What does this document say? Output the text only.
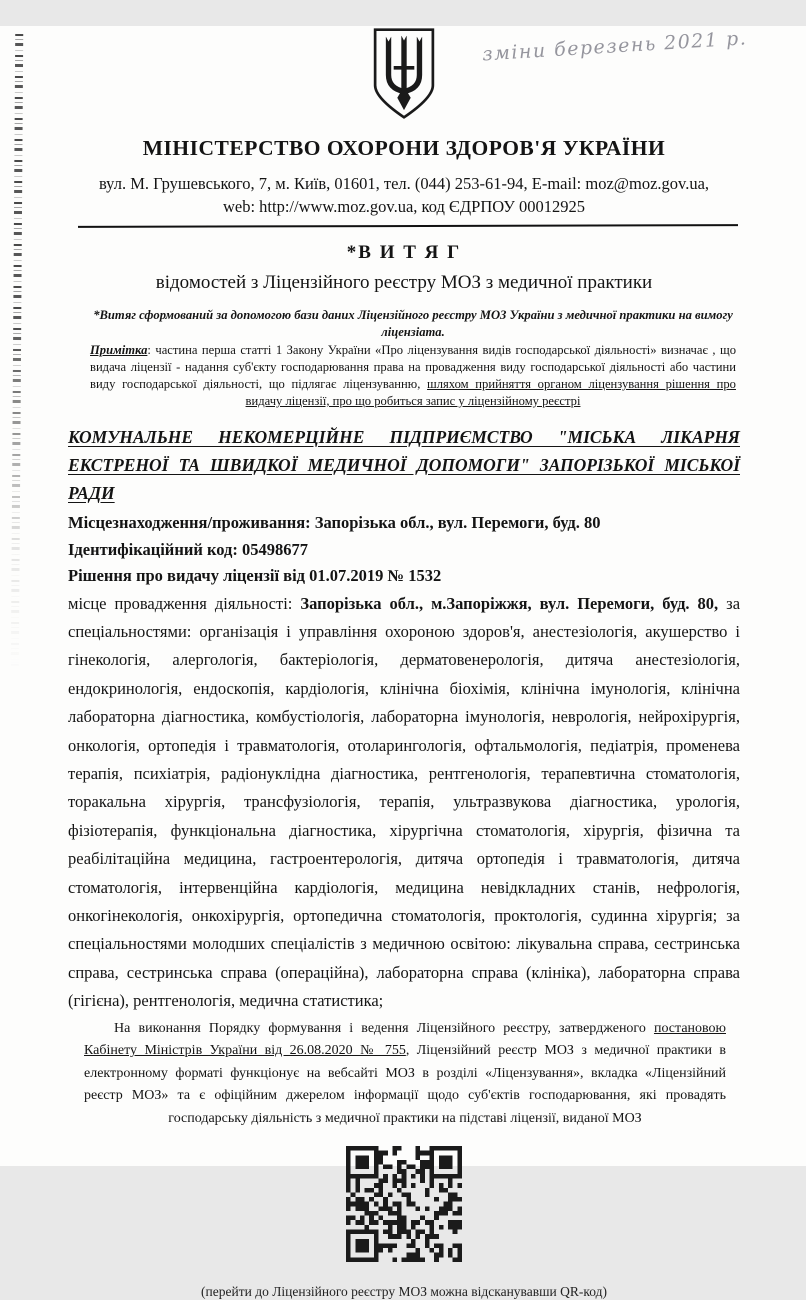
зміни березень 2021 р.
МІНІСТЕРСТВО ОХОРОНИ ЗДОРОВ'Я УКРАЇНИ
вул. М. Грушевського, 7, м. Київ, 01601, тел. (044) 253-61-94, E-mail: moz@moz.gov.ua,
web: http://www.moz.gov.ua, код ЄДРПОУ 00012925
*В И Т Я Г
відомостей з Ліцензійного реєстру МОЗ з медичної практики
*Витяг сформований за допомогою бази даних Ліцензійного реєстру МОЗ України з медичної практики на вимогу ліцензіата.
Примітка: частина перша статті 1 Закону України «Про ліцензування видів господарської діяльності» визначає , що видача ліцензії - надання суб'єкту господарювання права на провадження виду господарської діяльності або частини виду господарської діяльності, що підлягає ліцензуванню, шляхом прийняття органом ліцензування рішення про видачу ліцензії, про що робиться запис у ліцензійному реєстрі
КОМУНАЛЬНЕ НЕКОМЕРЦІЙНЕ ПІДПРИЄМСТВО "МІСЬКА ЛІКАРНЯ ЕКСТРЕНОЇ ТА ШВИДКОЇ МЕДИЧНОЇ ДОПОМОГИ" ЗАПОРІЗЬКОЇ МІСЬКОЇ РАДИ
Місцезнаходження/проживання: Запорізька обл., вул. Перемоги, буд. 80
Ідентифікаційний код: 05498677
Рішення про видачу ліцензії від 01.07.2019 № 1532
місце провадження діяльності: Запорізька обл., м.Запоріжжя, вул. Перемоги, буд. 80, за спеціальностями: організація і управління охороною здоров'я, анестезіологія, акушерство і гінекологія, алергологія, бактеріологія, дерматовенерологія, дитяча анестезіологія, ендокринологія, ендоскопія, кардіологія, клінічна біохімія, клінічна імунологія, клінічна лабораторна діагностика, комбустіологія, лабораторна імунологія, неврологія, нейрохірургія, онкологія, ортопедія і травматологія, отоларингологія, офтальмологія, педіатрія, променева терапія, психіатрія, радіонуклідна діагностика, рентгенологія, терапевтична стоматологія, торакальна хірургія, трансфузіологія, терапія, ультразвукова діагностика, урологія, фізіотерапія, функціональна діагностика, хірургічна стоматологія, хірургія, фізична та реабілітаційна медицина, гастроентерологія, дитяча ортопедія і травматологія, дитяча стоматологія, інтервенційна кардіологія, медицина невідкладних станів, нефрологія, онкогінекологія, онкохірургія, ортопедична стоматологія, проктологія, судинна хірургія; за спеціальностями молодших спеціалістів з медичною освітою: лікувальна справа, сестринська справа, сестринська справа (операційна), лабораторна справа (клініка), лабораторна справа (гігієна), рентгенологія, медична статистика;
На виконання Порядку формування і ведення Ліцензійного реєстру, затвердженого постановою Кабінету Міністрів України від 26.08.2020 № 755, Ліцензійний реєстр МОЗ з медичної практики в електронному форматі функціонує на вебсайті МОЗ в розділі «Ліцензування», вкладка «Ліцензійний реєстр МОЗ» та є офіційним джерелом інформації щодо суб'єктів господарювання, які провадять господарську діяльність з медичної практики на підставі ліцензії, виданої МОЗ
(перейти до Ліцензійного реєстру МОЗ можна відсканувавши QR-код)
